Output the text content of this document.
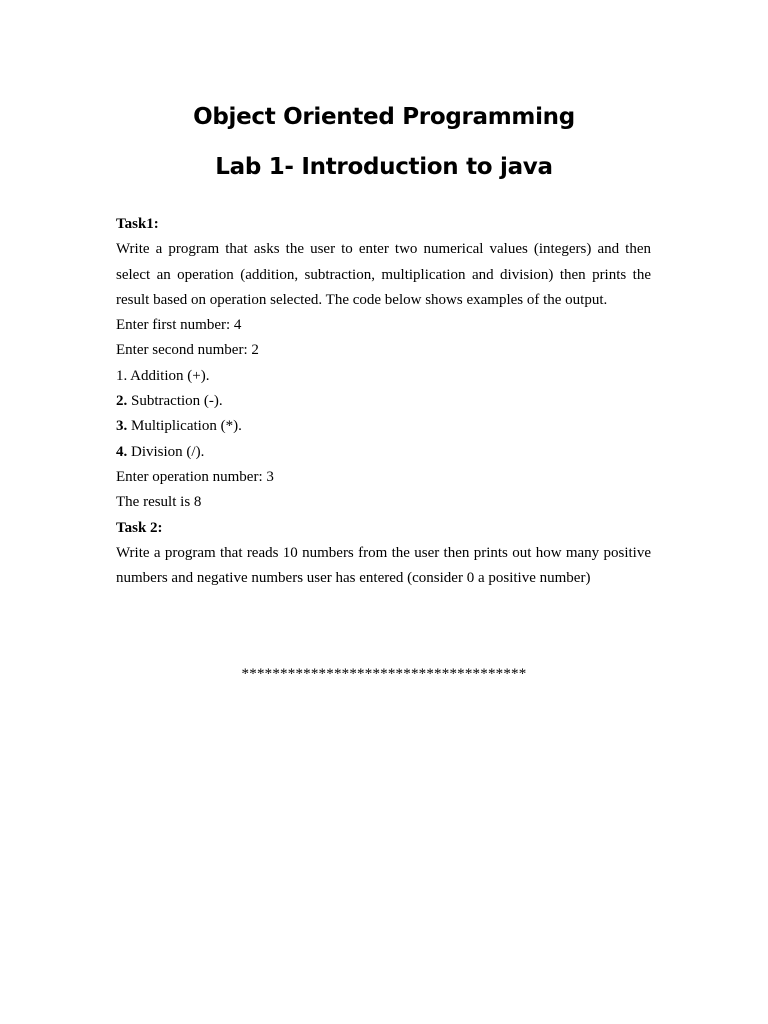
Object Oriented Programming
Lab 1- Introduction to java

Task1:

Write a program that asks the user to enter two numerical values (integers) and then select an operation (addition, subtraction, multiplication and division) then prints the result based on operation selected. The code below shows examples of the output.

Enter first number: 4

Enter second number: 2

1. Addition (+).

2. Subtraction (-).

3. Multiplication (*).

4. Division (/).

Enter operation number: 3

The result is 8

Task 2:

Write a program that reads 10 numbers from the user then prints out how many positive numbers and negative numbers user has entered (consider 0 a positive number)

*************************************
